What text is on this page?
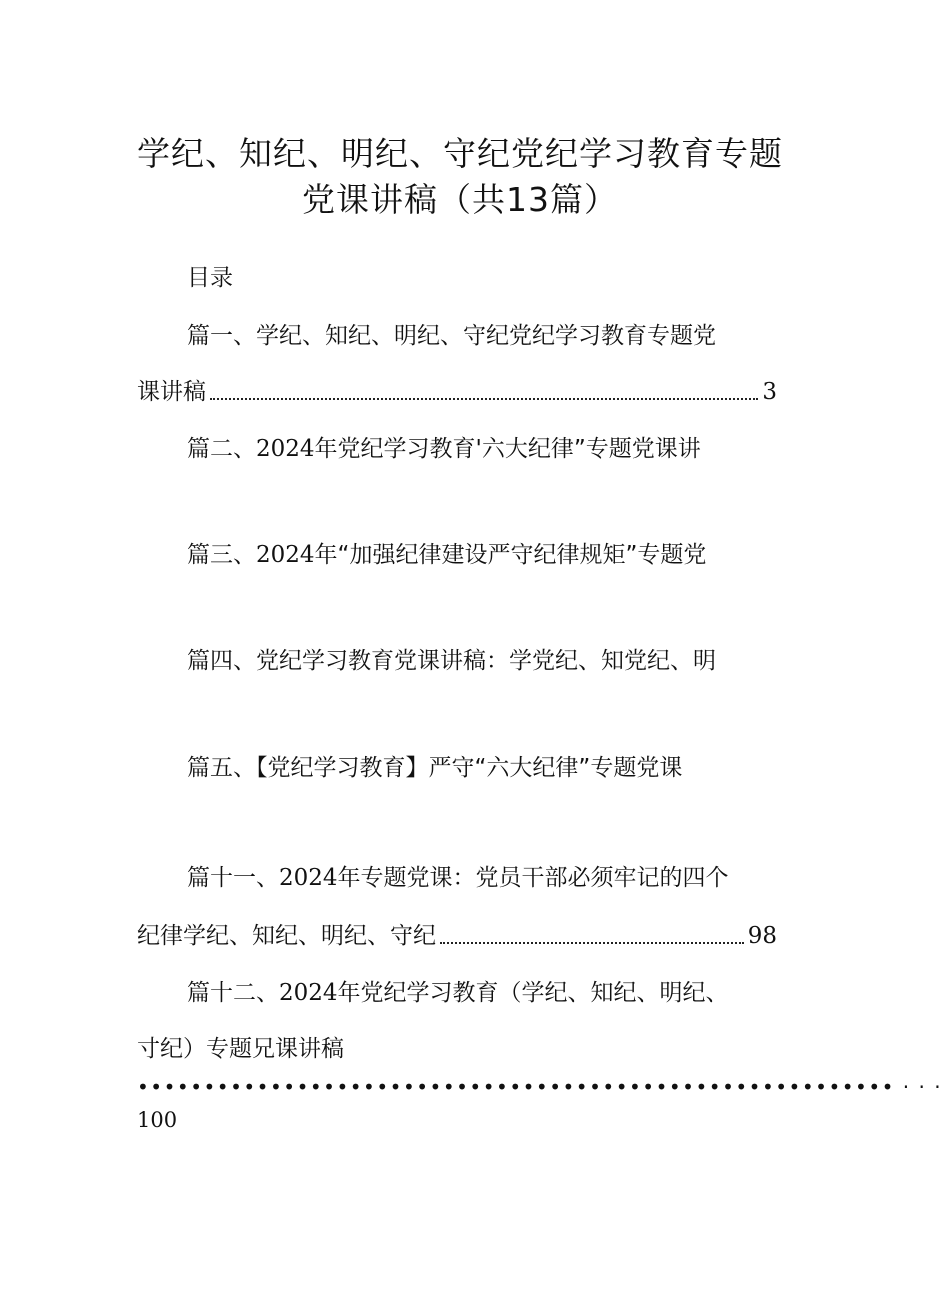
学纪、知纪、明纪、守纪党纪学习教育专题
党课讲稿（共13篇）
目录
篇一、学纪、知纪、明纪、守纪党纪学习教育专题党
课讲稿	3
篇二、2024年党纪学习教育'六大纪律”专题党课讲
篇三、2024年“加强纪律建设严守纪律规矩”专题党
篇四、党纪学习教育党课讲稿：学党纪、知党纪、明
篇五、【党纪学习教育】严守“六大纪律”专题党课
篇十一、2024年专题党课：党员干部必须牢记的四个
纪律学纪、知纪、明纪、守纪	98
篇十二、2024年党纪学习教育（学纪、知纪、明纪、
寸纪）专题兄课讲稿
••••••••••••••••••••••••••••••••••••••••••••••••••••••••• · · ·
100
